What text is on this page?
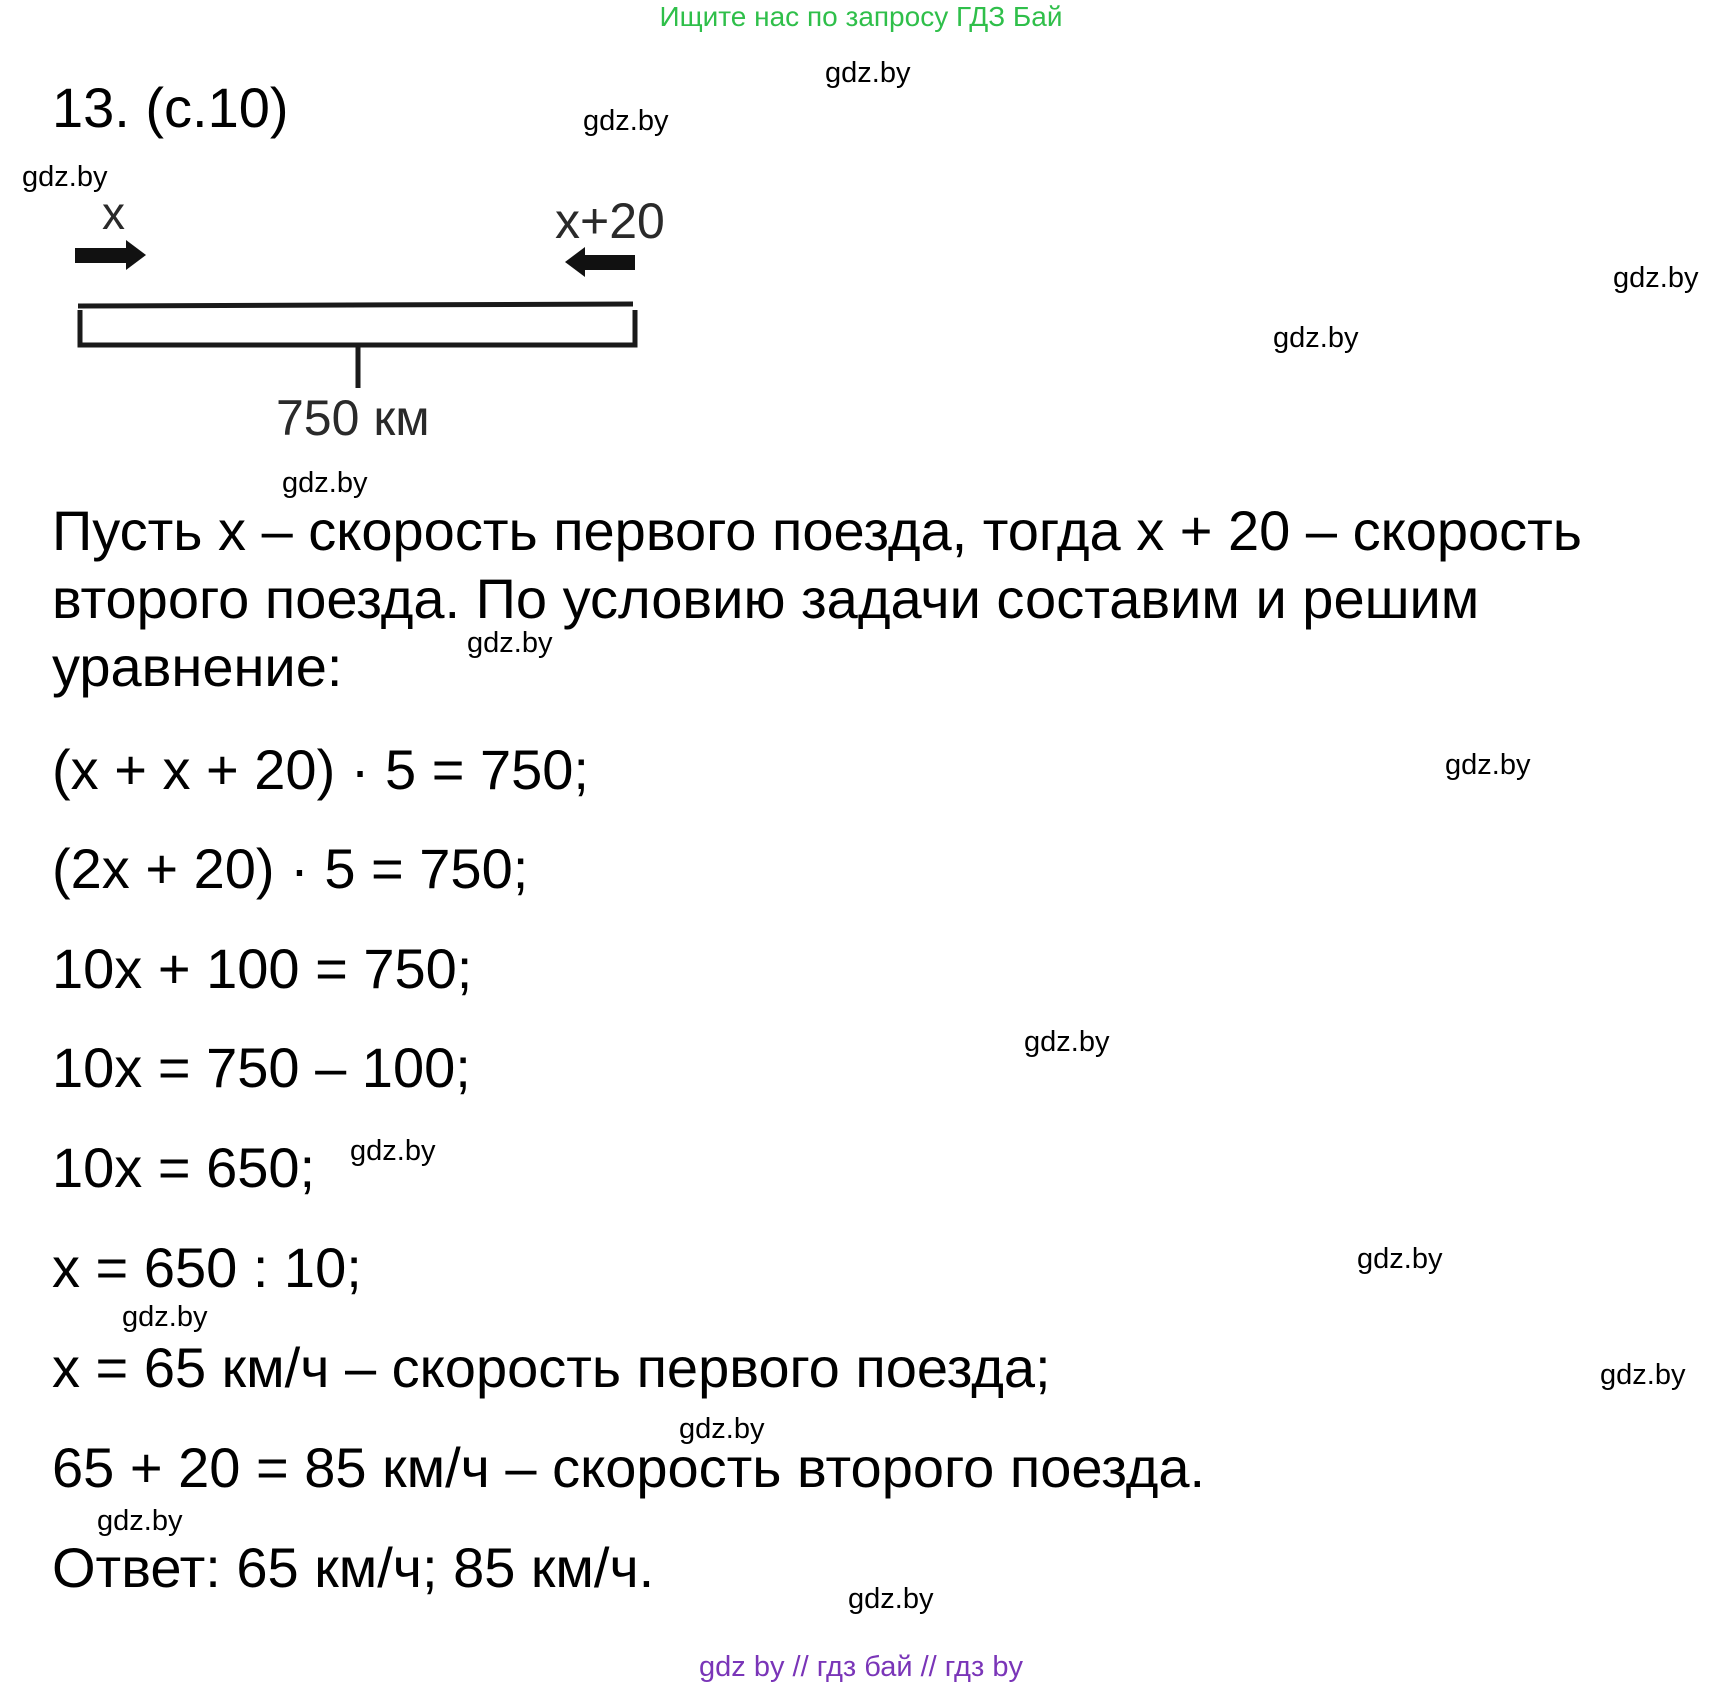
Ищите нас по запросу ГДЗ Бай
gdz.by
gdz.by
gdz.by
gdz.by
gdz.by
gdz.by
gdz.by
gdz.by
gdz.by
gdz.by
gdz.by
gdz.by
gdz.by
gdz.by
gdz.by
gdz.by
13. (с.10)
x	x+20
750 км
Пусть x – скорость первого поезда, тогда x + 20 – скорость второго поезда. По условию задачи составим и решим уравнение:
(x + x + 20) · 5 = 750;
(2x + 20) · 5 = 750;
10x + 100 = 750;
10x = 750 – 100;
10x = 650;
x = 650 : 10;
x = 65 км/ч – скорость первого поезда;
65 + 20 = 85 км/ч – скорость второго поезда.
Ответ: 65 км/ч; 85 км/ч.
gdz by // гдз бай // гдз by
